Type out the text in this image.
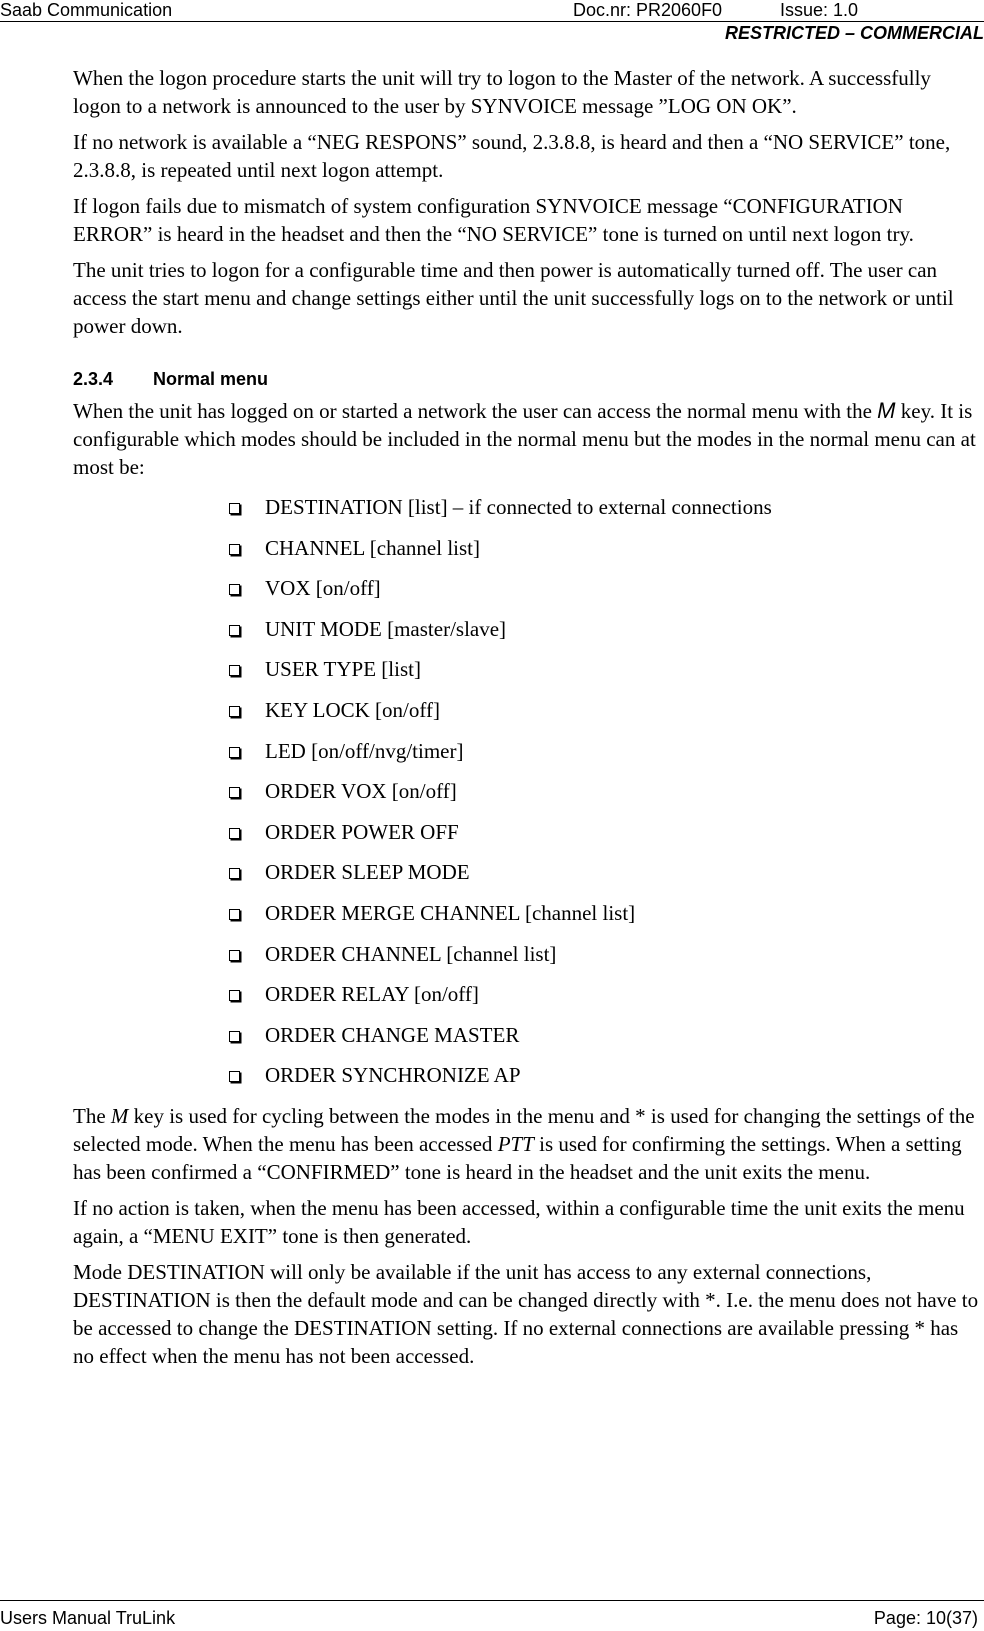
Saab Communication	Doc.nr: PR2060F0	Issue: 1.0
RESTRICTED – COMMERCIAL

When the logon procedure starts the unit will try to logon to the Master of the network. A successfully logon to a network is announced to the user by SYNVOICE message ”LOG ON OK”.

If no network is available a “NEG RESPONS” sound, 2.3.8.8, is heard and then a “NO SERVICE” tone, 2.3.8.8, is repeated until next logon attempt.

If logon fails due to mismatch of system configuration SYNVOICE message “CONFIGURATION ERROR” is heard in the headset and then the “NO SERVICE” tone is turned on until next logon try.

The unit tries to logon for a configurable time and then power is automatically turned off. The user can access the start menu and change settings either until the unit successfully logs on to the network or until power down.

2.3.4 Normal menu

When the unit has logged on or started a network the user can access the normal menu with the M key. It is configurable which modes should be included in the normal menu but the modes in the normal menu can at most be:

DESTINATION [list] – if connected to external connections
CHANNEL [channel list]
VOX [on/off]
UNIT MODE [master/slave]
USER TYPE [list]
KEY LOCK [on/off]
LED [on/off/nvg/timer]
ORDER VOX [on/off]
ORDER POWER OFF
ORDER SLEEP MODE
ORDER MERGE CHANNEL [channel list]
ORDER CHANNEL [channel list]
ORDER RELAY [on/off]
ORDER CHANGE MASTER
ORDER SYNCHRONIZE AP

The M key is used for cycling between the modes in the menu and * is used for changing the settings of the selected mode. When the menu has been accessed PTT is used for confirming the settings. When a setting has been confirmed a “CONFIRMED” tone is heard in the headset and the unit exits the menu.

If no action is taken, when the menu has been accessed, within a configurable time the unit exits the menu again, a “MENU EXIT” tone is then generated.

Mode DESTINATION will only be available if the unit has access to any external connections, DESTINATION is then the default mode and can be changed directly with *. I.e. the menu does not have to be accessed to change the DESTINATION setting. If no external connections are available pressing * has no effect when the menu has not been accessed.

Users Manual TruLink	Page: 10(37)
